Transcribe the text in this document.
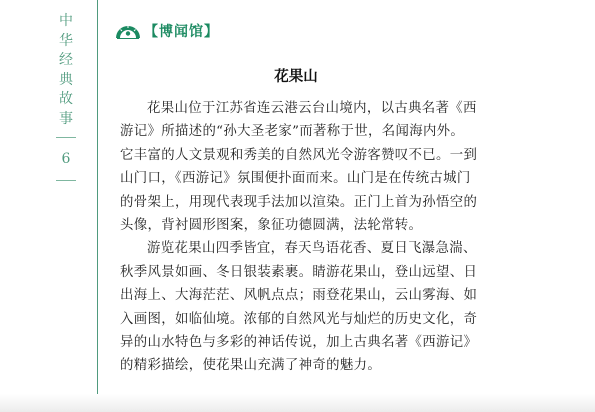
中
华
经
典
故
事
6
【博闻馆】
花果山
花果山位于江苏省连云港云台山境内，以古典名著《西
游记》所描述的“孙大圣老家”而著称于世，名闻海内外。
它丰富的人文景观和秀美的自然风光令游客赞叹不已。一到
山门口，《西游记》氛围便扑面而来。山门是在传统古城门
的骨架上，用现代表现手法加以渲染。正门上首为孙悟空的
头像，背衬圆形图案，象征功德圆满，法轮常转。
游览花果山四季皆宜，春天鸟语花香、夏日飞瀑急湍、
秋季风景如画、冬日银装素裹。睛游花果山，登山远望、日
出海上、大海茫茫、风帆点点；雨登花果山，云山雾海、如
入画图，如临仙境。浓郁的自然风光与灿烂的历史文化，奇
异的山水特色与多彩的神话传说，加上古典名著《西游记》
的精彩描绘，使花果山充满了神奇的魅力。
